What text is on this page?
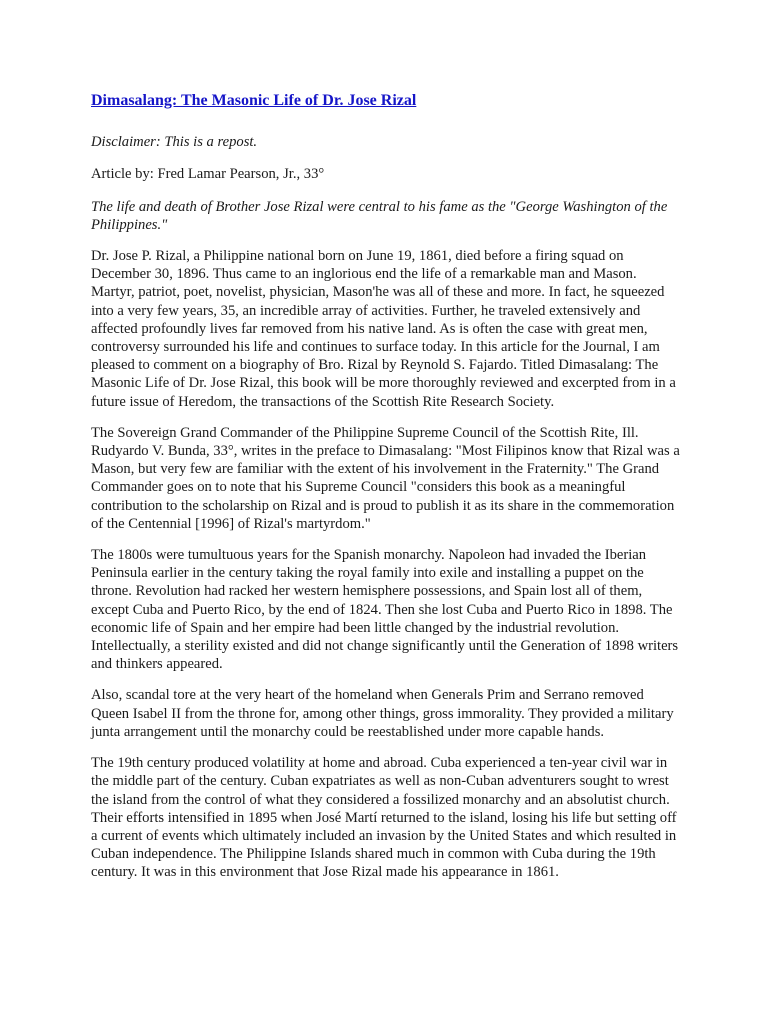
Dimasalang: The Masonic Life of Dr. Jose Rizal

Disclaimer: This is a repost.

Article by: Fred Lamar Pearson, Jr., 33°

The life and death of Brother Jose Rizal were central to his fame as the "George Washington of the Philippines."

Dr. Jose P. Rizal, a Philippine national born on June 19, 1861, died before a firing squad on December 30, 1896. Thus came to an inglorious end the life of a remarkable man and Mason. Martyr, patriot, poet, novelist, physician, Mason'he was all of these and more. In fact, he squeezed into a very few years, 35, an incredible array of activities. Further, he traveled extensively and affected profoundly lives far removed from his native land. As is often the case with great men, controversy surrounded his life and continues to surface today. In this article for the Journal, I am pleased to comment on a biography of Bro. Rizal by Reynold S. Fajardo. Titled Dimasalang: The Masonic Life of Dr. Jose Rizal, this book will be more thoroughly reviewed and excerpted from in a future issue of Heredom, the transactions of the Scottish Rite Research Society.

The Sovereign Grand Commander of the Philippine Supreme Council of the Scottish Rite, Ill. Rudyardo V. Bunda, 33°, writes in the preface to Dimasalang: "Most Filipinos know that Rizal was a Mason, but very few are familiar with the extent of his involvement in the Fraternity." The Grand Commander goes on to note that his Supreme Council "considers this book as a meaningful contribution to the scholarship on Rizal and is proud to publish it as its share in the commemoration of the Centennial [1996] of Rizal's martyrdom."

The 1800s were tumultuous years for the Spanish monarchy. Napoleon had invaded the Iberian Peninsula earlier in the century taking the royal family into exile and installing a puppet on the throne. Revolution had racked her western hemisphere possessions, and Spain lost all of them, except Cuba and Puerto Rico, by the end of 1824. Then she lost Cuba and Puerto Rico in 1898. The economic life of Spain and her empire had been little changed by the industrial revolution. Intellectually, a sterility existed and did not change significantly until the Generation of 1898 writers and thinkers appeared.

Also, scandal tore at the very heart of the homeland when Generals Prim and Serrano removed Queen Isabel II from the throne for, among other things, gross immorality. They provided a military junta arrangement until the monarchy could be reestablished under more capable hands.

The 19th century produced volatility at home and abroad. Cuba experienced a ten-year civil war in the middle part of the century. Cuban expatriates as well as non-Cuban adventurers sought to wrest the island from the control of what they considered a fossilized monarchy and an absolutist church. Their efforts intensified in 1895 when José Martí returned to the island, losing his life but setting off a current of events which ultimately included an invasion by the United States and which resulted in Cuban independence. The Philippine Islands shared much in common with Cuba during the 19th century. It was in this environment that Jose Rizal made his appearance in 1861.
